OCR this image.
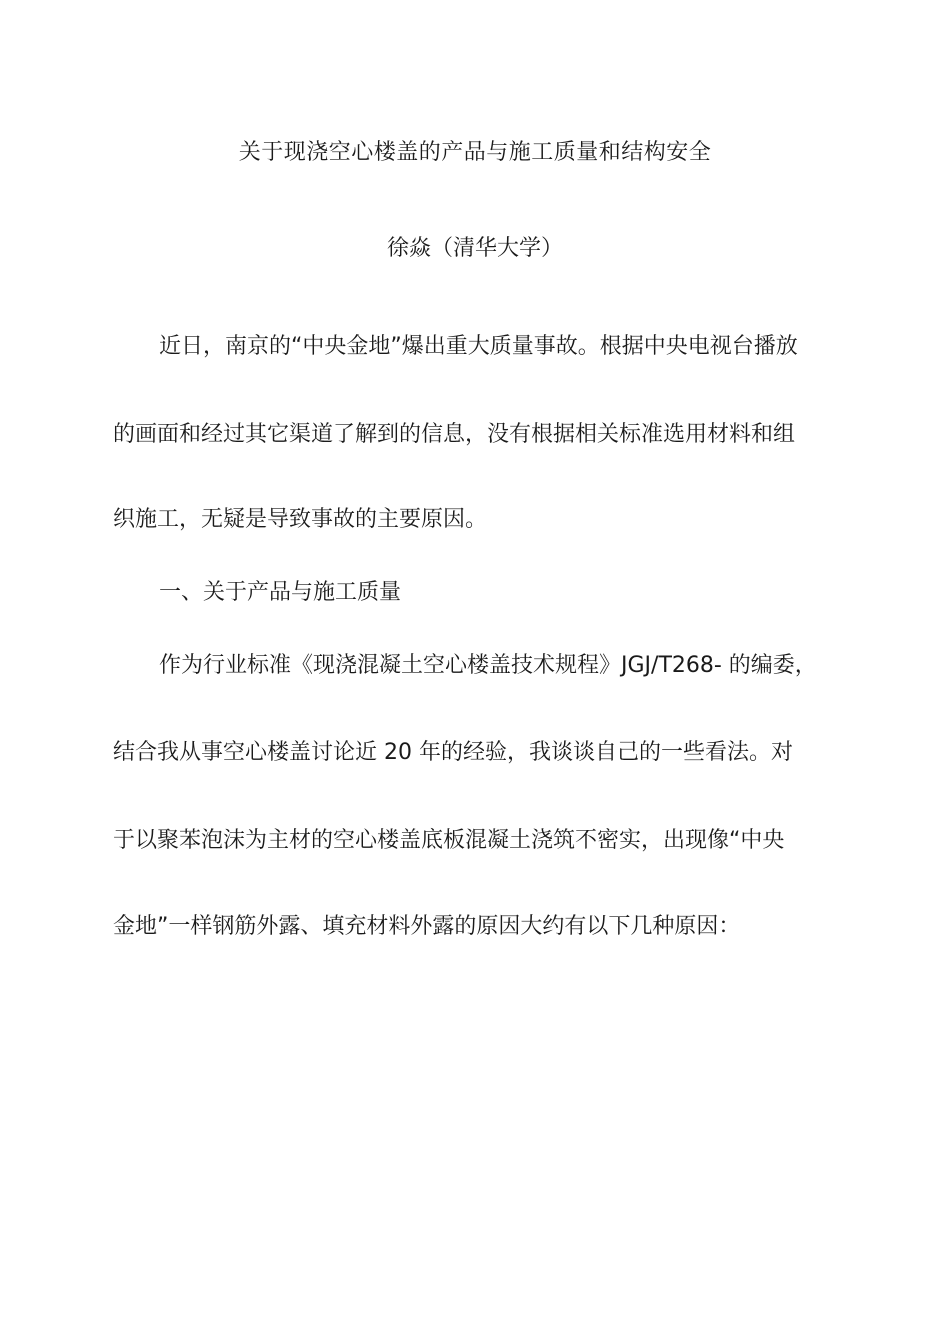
关于现浇空心楼盖的产品与施工质量和结构安全
徐焱（清华大学）
近日，南京的“中央金地”爆出重大质量事故。根据中央电视台播放
的画面和经过其它渠道了解到的信息，没有根据相关标准选用材料和组
织施工，无疑是导致事故的主要原因。
一、关于产品与施工质量
作为行业标准《现浇混凝土空心楼盖技术规程》JGJ/T268- 的编委，
结合我从事空心楼盖讨论近 20 年的经验，我谈谈自己的一些看法。对
于以聚苯泡沫为主材的空心楼盖底板混凝土浇筑不密实，出现像“中央
金地”一样钢筋外露、填充材料外露的原因大约有以下几种原因：
